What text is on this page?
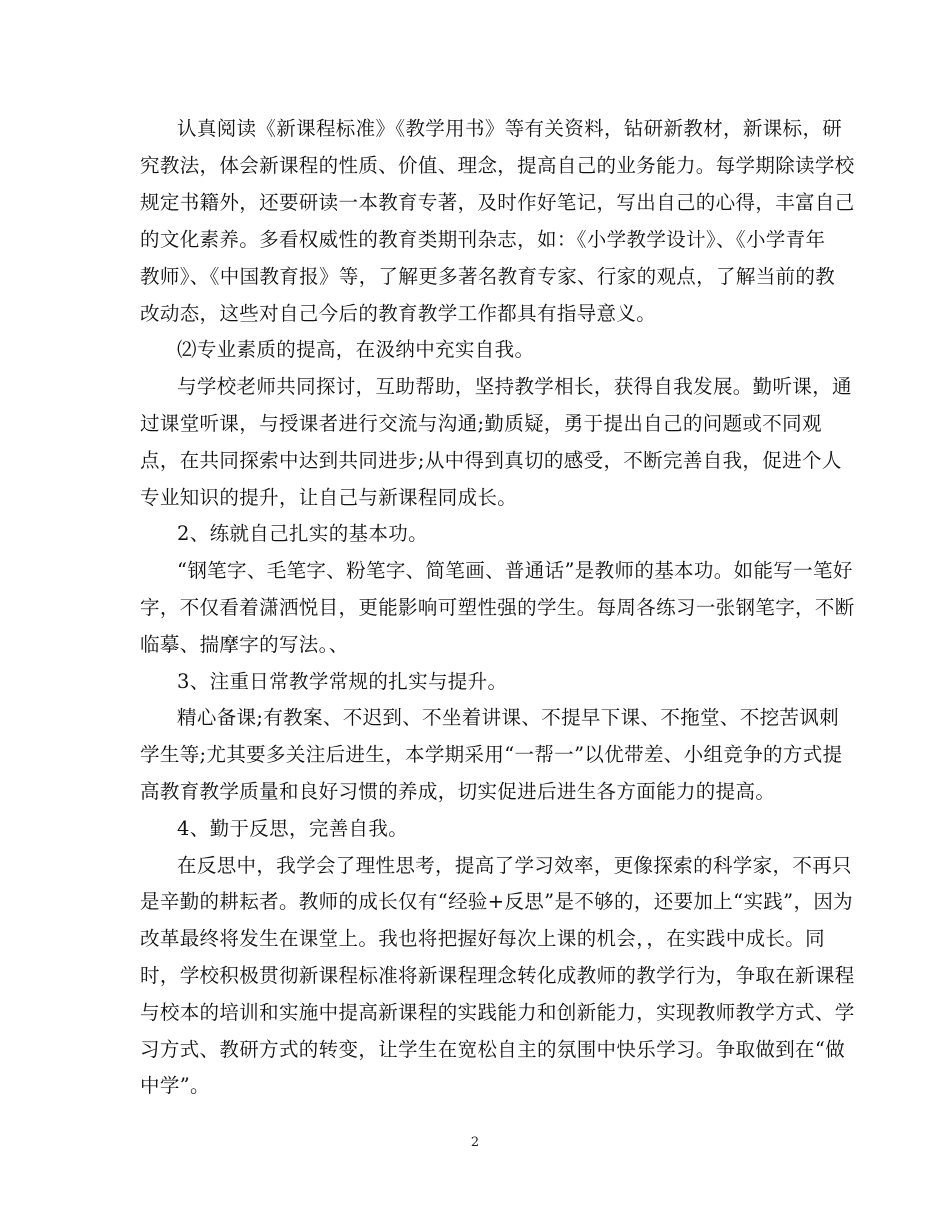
认真阅读《新课程标准》《教学用书》等有关资料，钻研新教材，新课标，研
究教法，体会新课程的性质、价值、理念，提高自己的业务能力。每学期除读学校
规定书籍外，还要研读一本教育专著，及时作好笔记，写出自己的心得，丰富自己
的文化素养。多看权威性的教育类期刊杂志，如：《小学教学设计》、《小学青年
教师》、《中国教育报》等，了解更多著名教育专家、行家的观点，了解当前的教
改动态，这些对自己今后的教育教学工作都具有指导意义。
⑵专业素质的提高，在汲纳中充实自我。
与学校老师共同探讨，互助帮助，坚持教学相长，获得自我发展。勤听课，通
过课堂听课，与授课者进行交流与沟通;勤质疑，勇于提出自己的问题或不同观
点，在共同探索中达到共同进步;从中得到真切的感受，不断完善自我，促进个人
专业知识的提升，让自己与新课程同成长。
2、练就自己扎实的基本功。
“钢笔字、毛笔字、粉笔字、简笔画、普通话”是教师的基本功。如能写一笔好
字，不仅看着潇洒悦目，更能影响可塑性强的学生。每周各练习一张钢笔字，不断
临摹、揣摩字的写法。、
3、注重日常教学常规的扎实与提升。
精心备课;有教案、不迟到、不坐着讲课、不提早下课、不拖堂、不挖苦讽刺
学生等;尤其要多关注后进生，本学期采用“一帮一”以优带差、小组竞争的方式提
高教育教学质量和良好习惯的养成，切实促进后进生各方面能力的提高。
4、勤于反思，完善自我。
在反思中，我学会了理性思考，提高了学习效率，更像探索的科学家，不再只
是辛勤的耕耘者。教师的成长仅有“经验+反思”是不够的，还要加上“实践”，因为
改革最终将发生在课堂上。我也将把握好每次上课的机会，，在实践中成长。同
时，学校积极贯彻新课程标准将新课程理念转化成教师的教学行为，争取在新课程
与校本的培训和实施中提高新课程的实践能力和创新能力，实现教师教学方式、学
习方式、教研方式的转变，让学生在宽松自主的氛围中快乐学习。争取做到在“做
中学”。
2
